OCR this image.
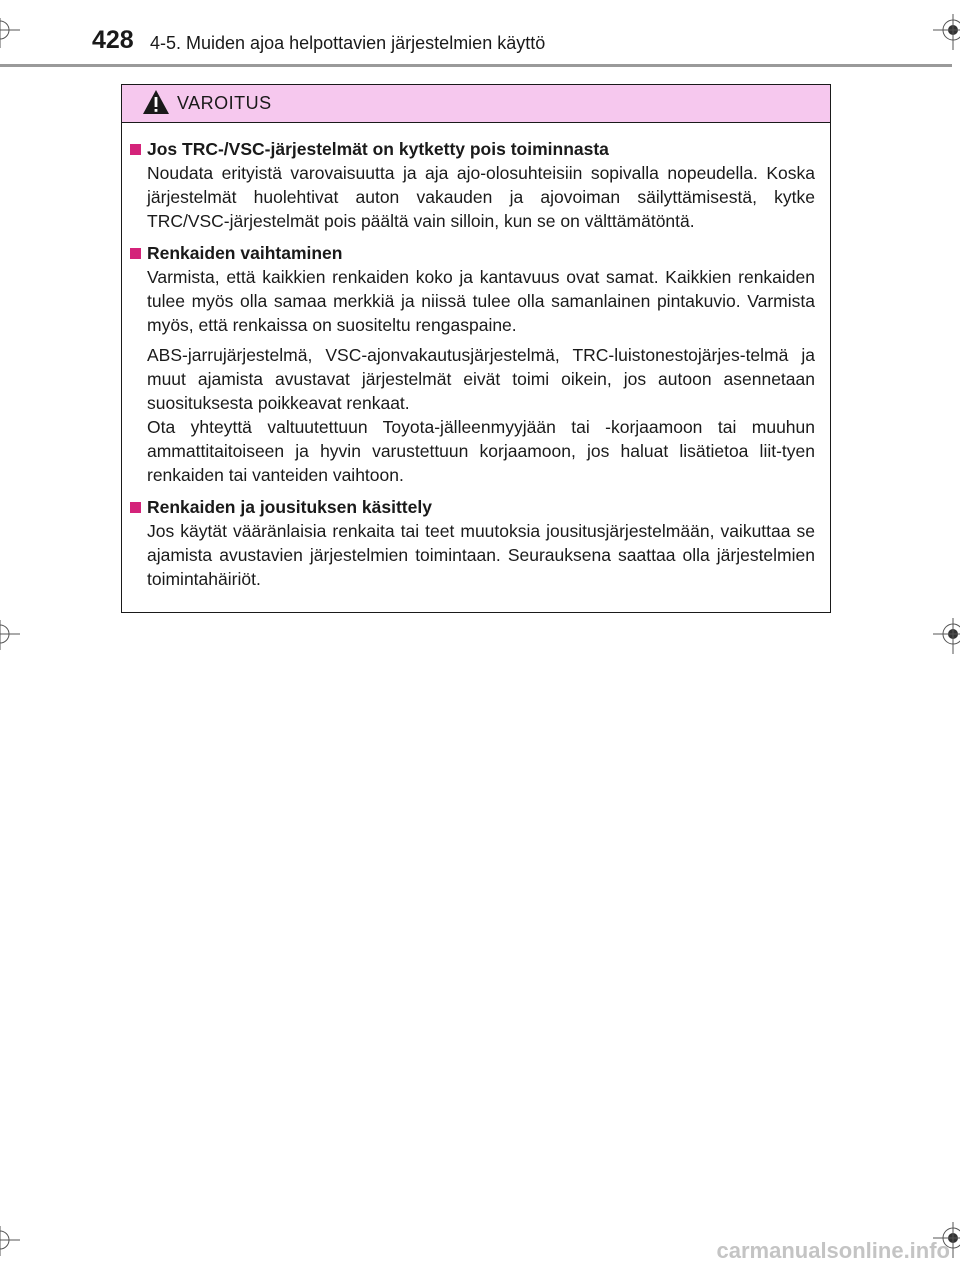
428 4-5. Muiden ajoa helpottavien järjestelmien käyttö
VAROITUS
Jos TRC-/VSC-järjestelmät on kytketty pois toiminnasta

Noudata erityistä varovaisuutta ja aja ajo-olosuhteisiin sopivalla nopeudella. Koska järjestelmät huolehtivat auton vakauden ja ajovoiman säilyttämisestä, kytke TRC/VSC-järjestelmät pois päältä vain silloin, kun se on välttämätöntä.

Renkaiden vaihtaminen

Varmista, että kaikkien renkaiden koko ja kantavuus ovat samat. Kaikkien renkaiden tulee myös olla samaa merkkiä ja niissä tulee olla samanlainen pintakuvio. Varmista myös, että renkaissa on suositeltu rengaspaine.

ABS-jarrujärjestelmä, VSC-ajonvakautusjärjestelmä, TRC-luistonestojärjes-telmä ja muut ajamista avustavat järjestelmät eivät toimi oikein, jos autoon asennetaan suosituksesta poikkeavat renkaat.
Ota yhteyttä valtuutettuun Toyota-jälleenmyyjään tai -korjaamoon tai muuhun ammattitaitoiseen ja hyvin varustettuun korjaamoon, jos haluat lisätietoa liit-tyen renkaiden tai vanteiden vaihtoon.

Renkaiden ja jousituksen käsittely

Jos käytät vääränlaisia renkaita tai teet muutoksia jousitusjärjestelmään, vaikuttaa se ajamista avustavien järjestelmien toimintaan. Seurauksena saattaa olla järjestelmien toimintahäiriöt.

carmanualsonline.info
